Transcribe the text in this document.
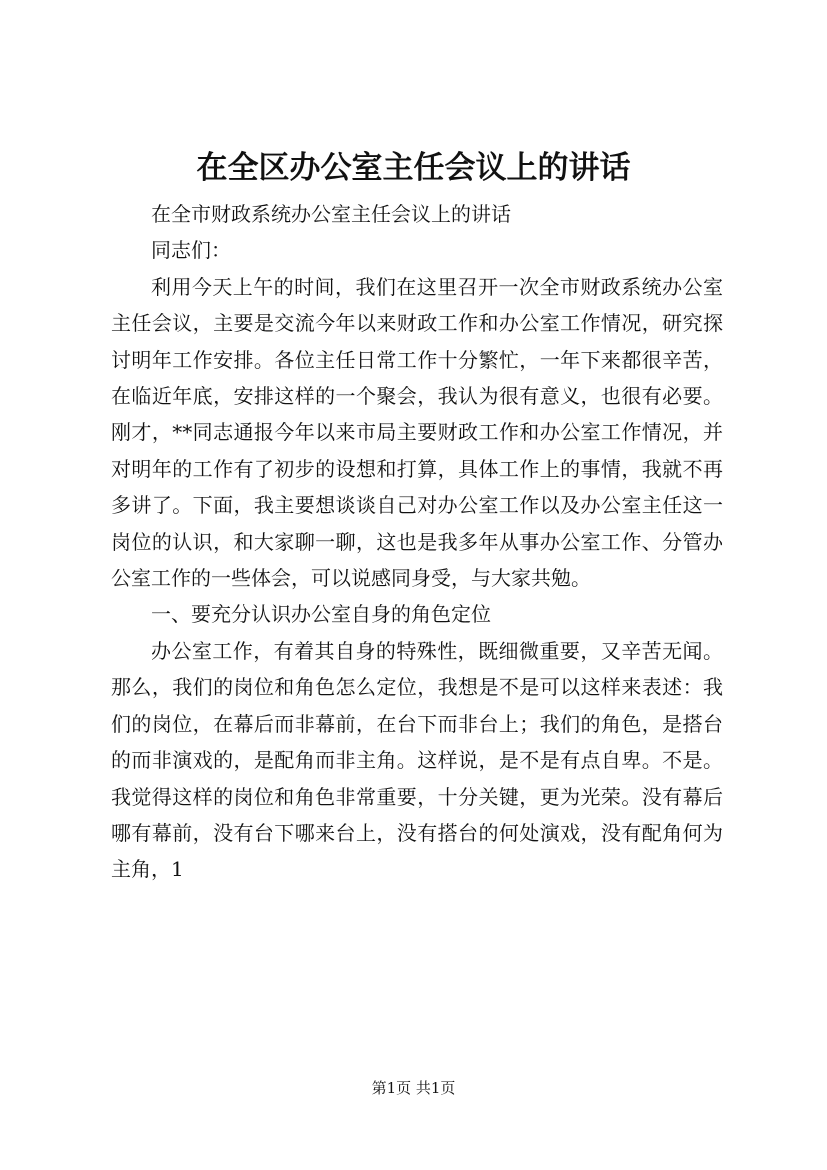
在全区办公室主任会议上的讲话

在全市财政系统办公室主任会议上的讲话

同志们：

利用今天上午的时间，我们在这里召开一次全市财政系统办公室主任会议，主要是交流今年以来财政工作和办公室工作情况，研究探讨明年工作安排。各位主任日常工作十分繁忙，一年下来都很辛苦，在临近年底，安排这样的一个聚会，我认为很有意义，也很有必要。刚才，**同志通报今年以来市局主要财政工作和办公室工作情况，并对明年的工作有了初步的设想和打算，具体工作上的事情，我就不再多讲了。下面，我主要想谈谈自己对办公室工作以及办公室主任这一岗位的认识，和大家聊一聊，这也是我多年从事办公室工作、分管办公室工作的一些体会，可以说感同身受，与大家共勉。

一、要充分认识办公室自身的角色定位

办公室工作，有着其自身的特殊性，既细微重要，又辛苦无闻。那么，我们的岗位和角色怎么定位，我想是不是可以这样来表述：我们的岗位，在幕后而非幕前，在台下而非台上；我们的角色，是搭台的而非演戏的，是配角而非主角。这样说，是不是有点自卑。不是。我觉得这样的岗位和角色非常重要，十分关键，更为光荣。没有幕后哪有幕前，没有台下哪来台上，没有搭台的何处演戏，没有配角何为主角，1

第1页 共1页
